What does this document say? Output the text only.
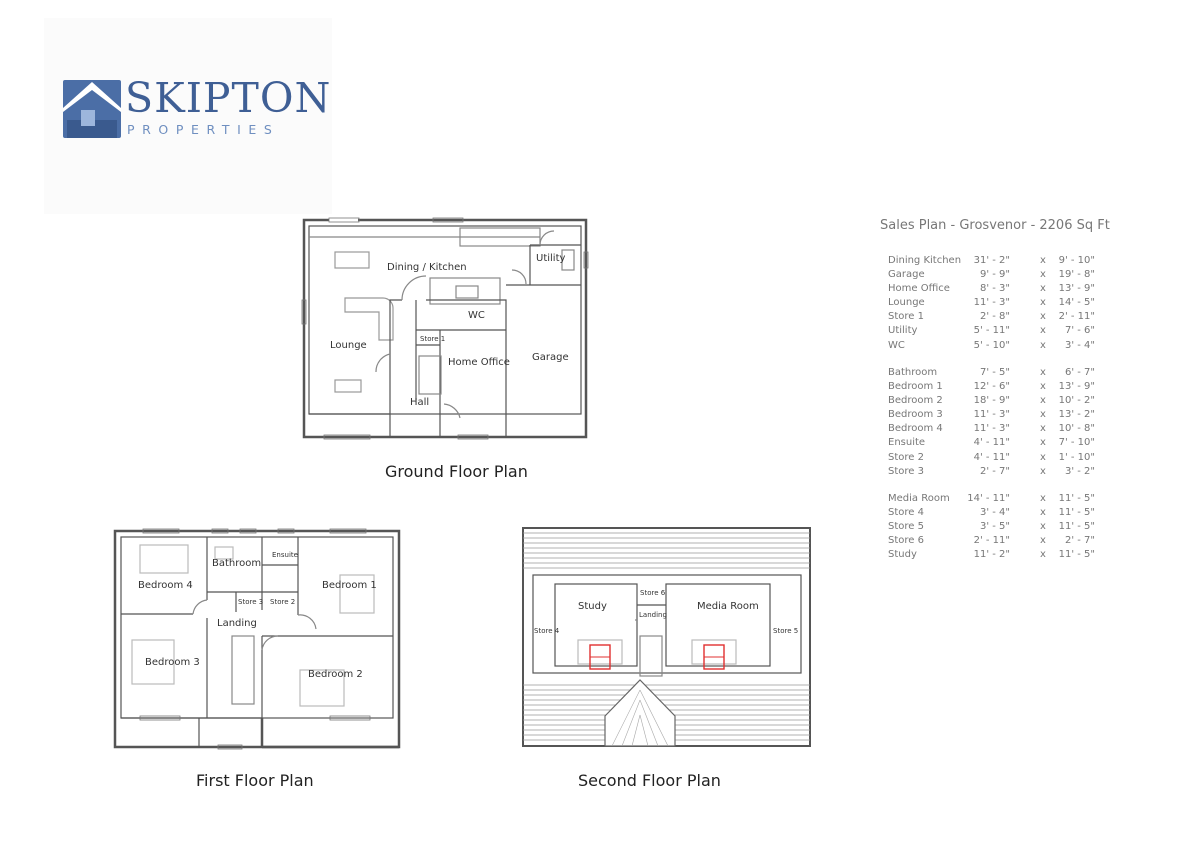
SKIPTON
PROPERTIES
Ground Floor Plan
Dining / Kitchen
Utility
WC
Store 1
Lounge
Home Office Garage
Hall
First Floor Plan
Bathroom
Ensuite
Bedroom 4	Bedroom 1
Store 3 Store 2
Landing
Bedroom 3
Bedroom 2
Second Floor Plan
Study
Store 6
Landing
Media Room
Store 4	Store 5
Sales Plan - Grosvenor - 2206 Sq Ft
Dining Kitchen	31' - 2"	x	9' - 10"
Garage	9' - 9"	x	19' - 8"
Home Office	8' - 3"	x	13' - 9"
Lounge	11' - 3"	x	14' - 5"
Store 1	2' - 8"	x	2' - 11"
Utility	5' - 11"	x	7' - 6"
WC	5' - 10"	x	3' - 4"
Bathroom	7' - 5"	x	6' - 7"
Bedroom 1	12' - 6"	x	13' - 9"
Bedroom 2	18' - 9"	x	10' - 2"
Bedroom 3	11' - 3"	x	13' - 2"
Bedroom 4	11' - 3"	x	10' - 8"
Ensuite	4' - 11"	x	7' - 10"
Store 2	4' - 11"	x	1' - 10"
Store 3	2' - 7"	x	3' - 2"
Media Room	14' - 11"	x	11' - 5"
Store 4	3' - 4"	x	11' - 5"
Store 5	3' - 5"	x	11' - 5"
Store 6	2' - 11"	x	2' - 7"
Study	11' - 2"	x	11' - 5"
